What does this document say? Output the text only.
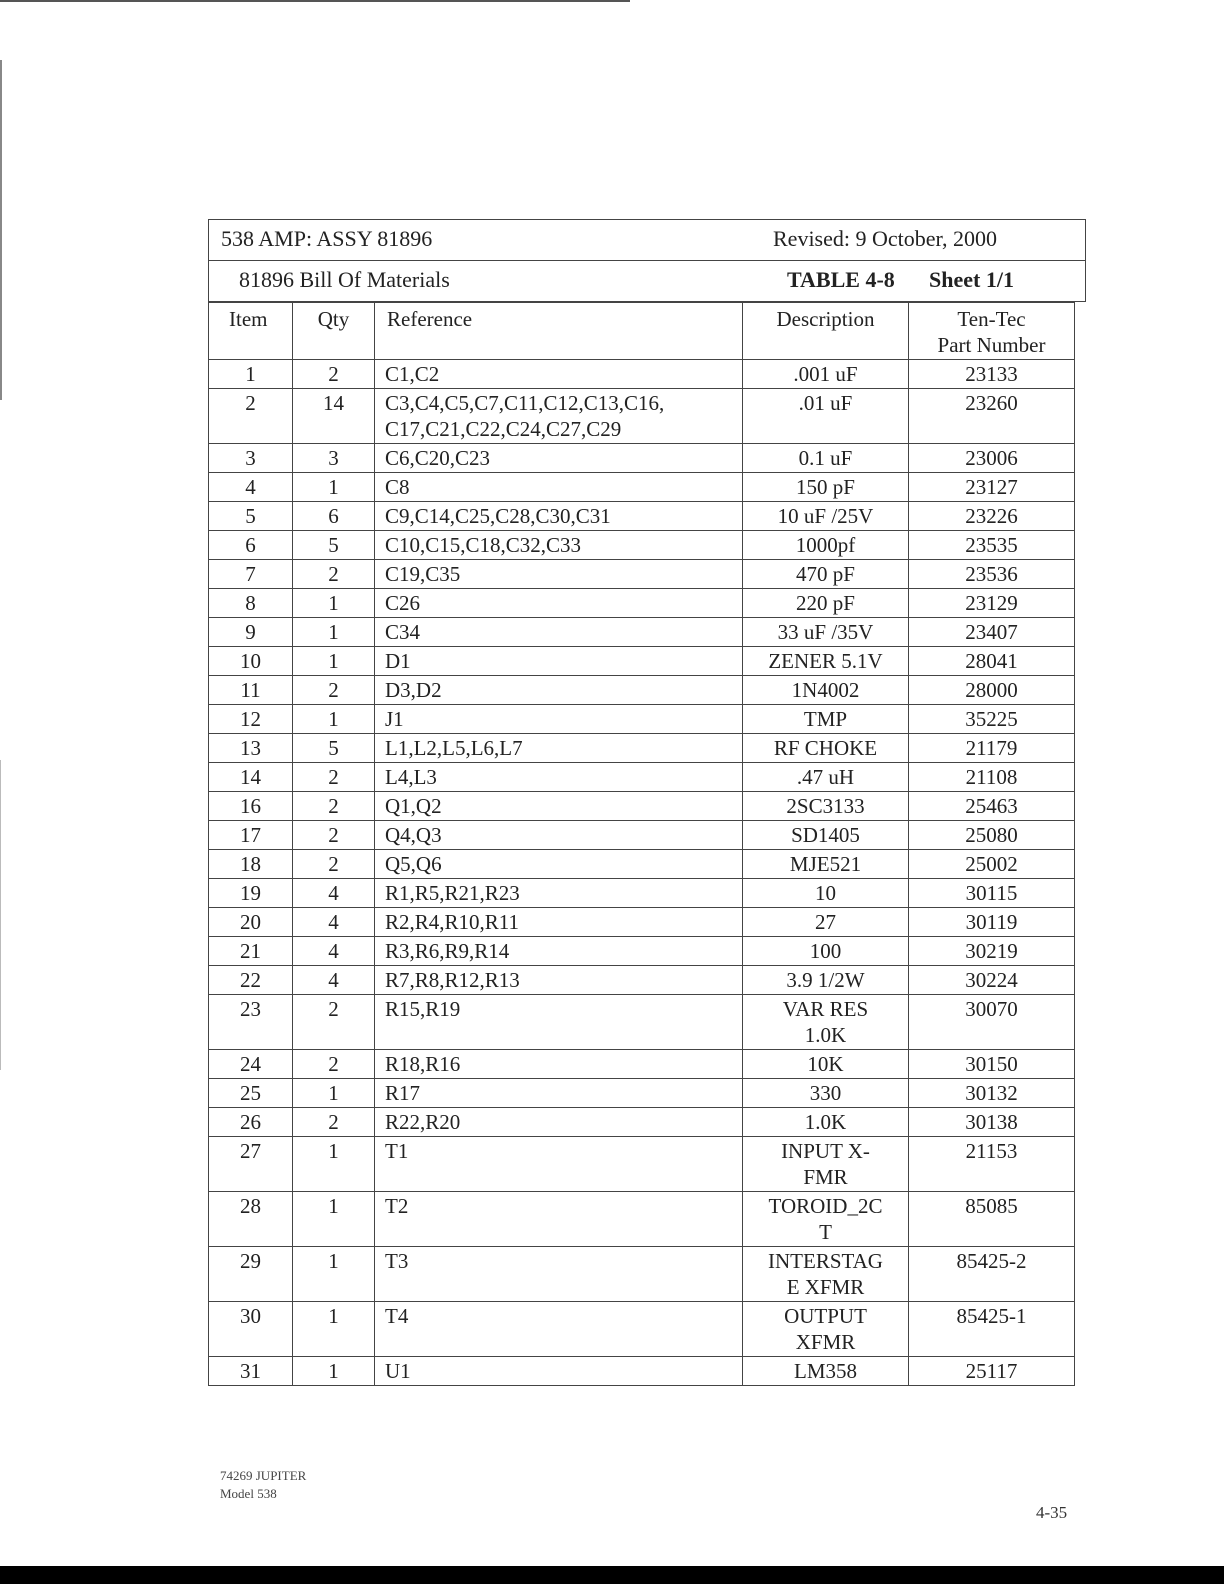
538 AMP: ASSY 81896	Revised: 9 October, 2000
81896 Bill Of Materials	TABLE 4-8 Sheet 1/1
Item	Qty	Reference	Description	Ten-Tec
Part Number
1	2	C1,C2	.001 uF	23133
2	14	C3,C4,C5,C7,C11,C12,C13,C16,
C17,C21,C22,C24,C27,C29	.01 uF	23260
3	3	C6,C20,C23	0.1 uF	23006
4	1	C8	150 pF	23127
5	6	C9,C14,C25,C28,C30,C31	10 uF /25V	23226
6	5	C10,C15,C18,C32,C33	1000pf	23535
7	2	C19,C35	470 pF	23536
8	1	C26	220 pF	23129
9	1	C34	33 uF /35V	23407
10	1	D1	ZENER 5.1V	28041
11	2	D3,D2	1N4002	28000
12	1	J1	TMP	35225
13	5	L1,L2,L5,L6,L7	RF CHOKE	21179
14	2	L4,L3	.47 uH	21108
16	2	Q1,Q2	2SC3133	25463
17	2	Q4,Q3	SD1405	25080
18	2	Q5,Q6	MJE521	25002
19	4	R1,R5,R21,R23	10	30115
20	4	R2,R4,R10,R11	27	30119
21	4	R3,R6,R9,R14	100	30219
22	4	R7,R8,R12,R13	3.9 1/2W	30224
23	2	R15,R19	VAR RES
1.0K	30070
24	2	R18,R16	10K	30150
25	1	R17	330	30132
26	2	R22,R20	1.0K	30138
27	1	T1	INPUT X-
FMR	21153
28	1	T2	TOROID_2C
T	85085
29	1	T3	INTERSTAG
E XFMR	85425-2
30	1	T4	OUTPUT
XFMR	85425-1
31	1	U1	LM358	25117
74269 JUPITER
Model 538
4-35
